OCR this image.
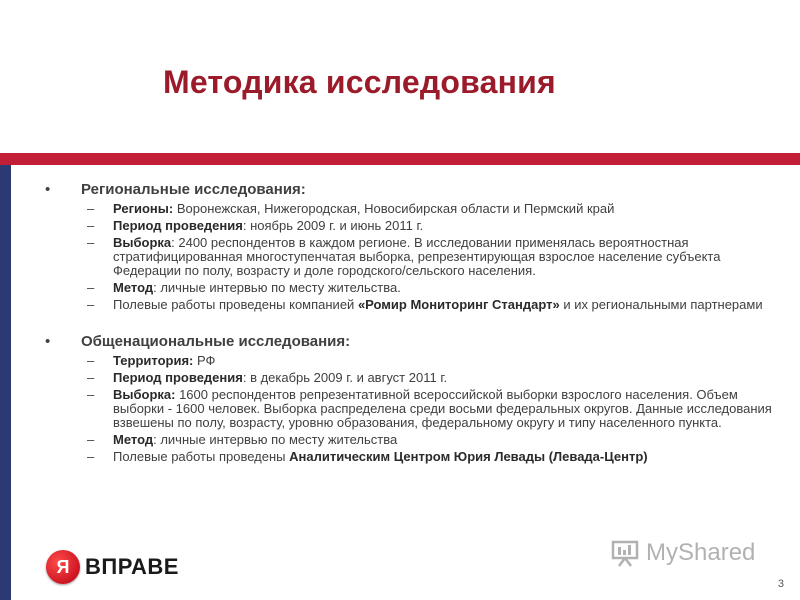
Методика исследования
•	Региональные исследования:
–	Регионы: Воронежская, Нижегородская, Новосибирская области и Пермский край
–	Период проведения: ноябрь 2009 г. и июнь 2011 г.
–	Выборка: 2400 респондентов в каждом регионе. В исследовании применялась вероятностная стратифицированная многоступенчатая выборка, репрезентирующая взрослое население субъекта Федерации по полу, возрасту и доле городского/сельского населения.
–	Метод: личные интервью по месту жительства.
–	Полевые работы проведены компанией «Ромир Мониторинг Стандарт» и их региональными партнерами
•	Общенациональные исследования:
–	Территория: РФ
–	Период проведения: в декабрь 2009 г. и август 2011 г.
–	Выборка: 1600 респондентов репрезентативной всероссийской выборки взрослого населения. Объем выборки - 1600 человек. Выборка распределена среди восьми федеральных округов. Данные исследования взвешены по полу, возрасту, уровню образования, федеральному округу и типу населенного пункта.
–	Метод: личные интервью по месту жительства
–	Полевые работы проведены Аналитическим Центром Юрия Левады (Левада-Центр)
Я ВПРАВЕ
MyShared
3
